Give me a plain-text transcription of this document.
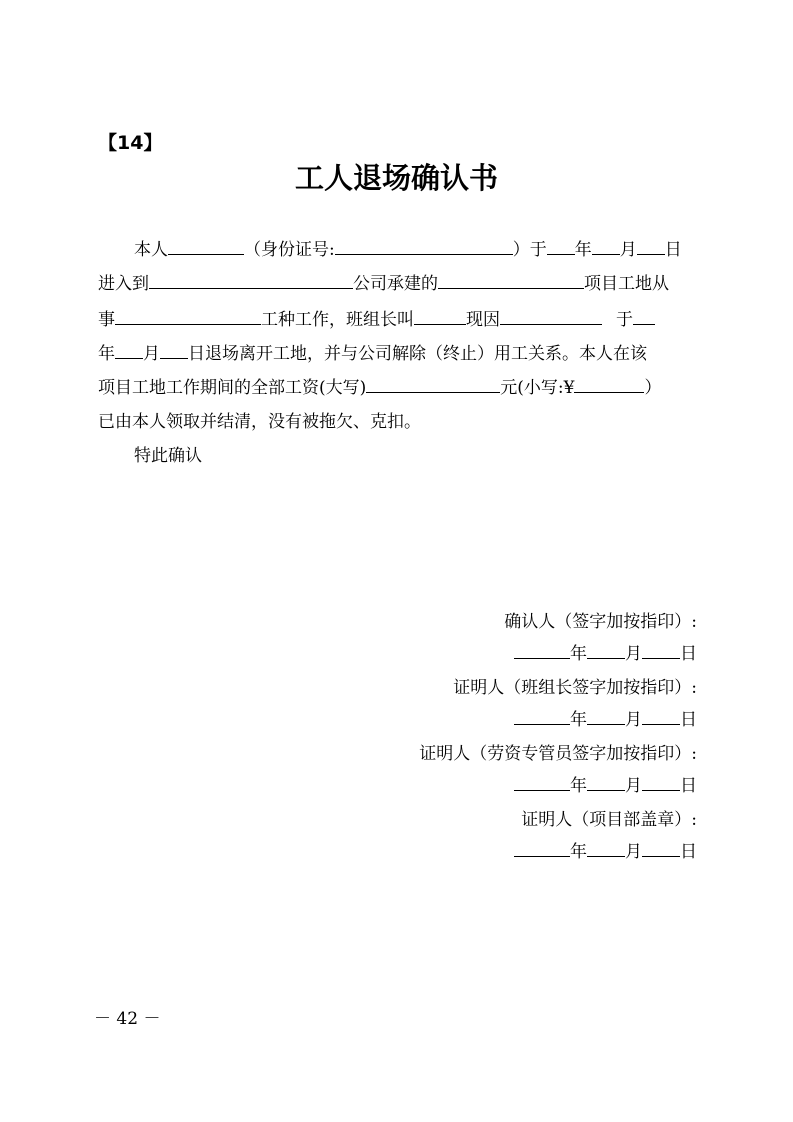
【14】
工人退场确认书
本人	（身份证号:	）于 年 月 日
进入到	公司承建的	项目工地从
事	工种工作，班组长叫	现因	于
年 月 日退场离开工地，并与公司解除（终止）用工关系。本人在该
项目工地工作期间的全部工资(大写)	元(小写:¥	）
已由本人领取并结清，没有被拖欠、克扣。
特此确认
确认人（签字加按指印）:
年 月 日
证明人（班组长签字加按指印）:
年 月 日
证明人（劳资专管员签字加按指印）:
年 月 日
证明人（项目部盖章）:
年 月 日
－ 42 －
